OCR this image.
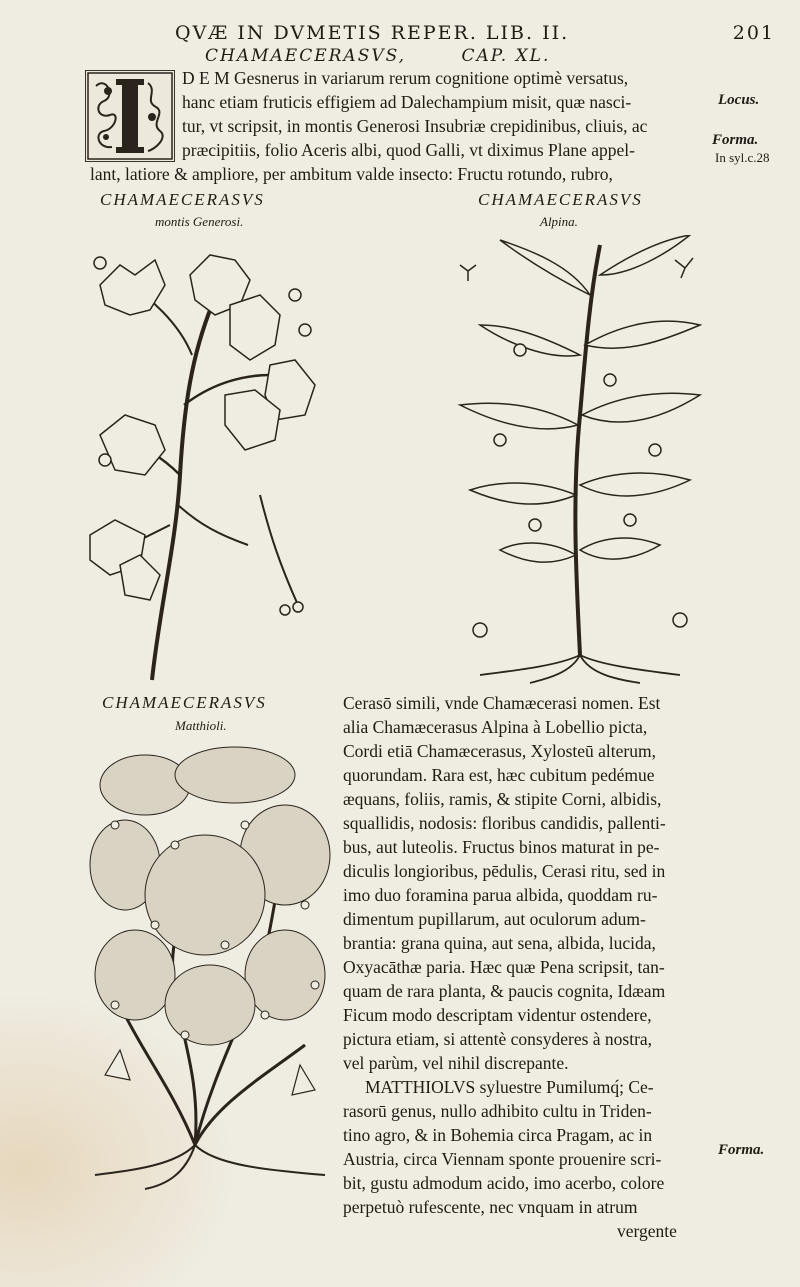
QVÆ IN DVMETIS REPER. LIB. II.	201
CHAMAECERASVS,	CAP. XL.
D E M Gesnerus in variarum rerum cognitione optimè versatus,
hanc etiam fruticis effigiem ad Dalechampium misit, quæ nasci-
tur, vt scripsit, in montis Generosi Insubriæ crepidinibus, cliuis, ac
præcipitiis, folio Aceris albi, quod Galli, vt diximus Plane appel-
lant, latiore & ampliore, per ambitum valde insecto: Fructu rotundo, rubro,
Locus.
Forma.
In syl.c.28
Forma.
CHAMAECERASVS
montis Generosi.
CHAMAECERASVS
Alpina.
CHAMAECERASVS
Matthioli.
Cerasō simili, vnde Chamæcerasi nomen. Est
alia Chamæcerasus Alpina à Lobellio picta,
Cordi etiā Chamæcerasus, Xylosteū alterum,
quorundam. Rara est, hæc cubitum pedémue
æquans, foliis, ramis, & stipite Corni, albidis,
squallidis, nodosis: floribus candidis, pallenti-
bus, aut luteolis. Fructus binos maturat in pe-
diculis longioribus, pēdulis, Cerasi ritu, sed in
imo duo foramina parua albida, quoddam ru-
dimentum pupillarum, aut oculorum adum-
brantia: grana quina, aut sena, albida, lucida,
Oxyacāthæ paria. Hæc quæ Pena scripsit, tan-
quam de rara planta, & paucis cognita, Idæam
Ficum modo descriptam videntur ostendere,
pictura etiam, si attentè consyderes à nostra,
vel parùm, vel nihil discrepante.
MATTHIOLVS syluestre Pumilumq́; Ce-
rasorū genus, nullo adhibito cultu in Triden-
tino agro, & in Bohemia circa Pragam, ac in
Austria, circa Viennam sponte prouenire scri-
bit, gustu admodum acido, imo acerbo, colore
perpetuò rufescente, nec vnquam in atrum
vergente
